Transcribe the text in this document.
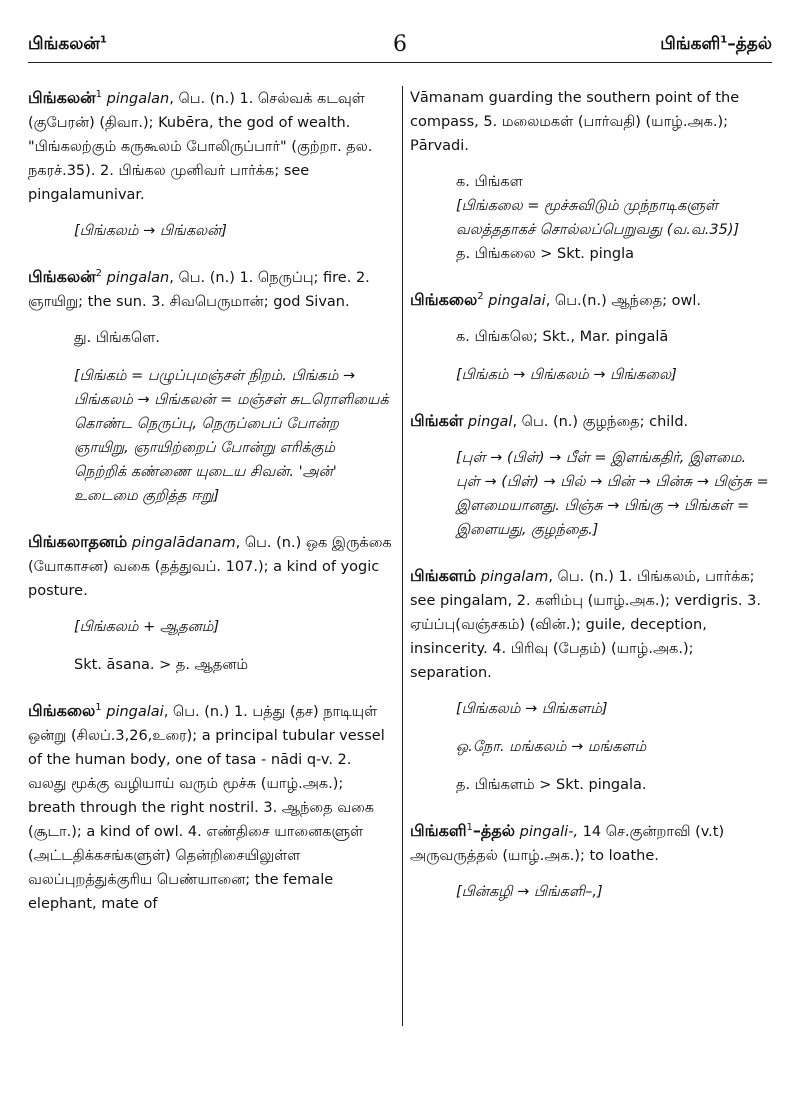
பிங்கலன்$^1$	6	பிங்களி$^1$–த்தல்

பிங்கலன்$^1$ pingalan, பெ. (n.) 1. செல்வக் கடவுள் (குபேரன்) (திவா.); Kubēra, the god of wealth. "பிங்கலற்கும் கருகூலம் போலிருப்பார்" (குற்றா. தல. நகரச்.35). 2. பிங்கல முனிவர் பார்க்க; see pingalamunivar.

[பிங்கலம் → பிங்கலன்]

பிங்கலன்$^2$ pingalan, பெ. (n.) 1. நெருப்பு; fire. 2. ஞாயிறு; the sun. 3. சிவபெருமான்; god Sivan.

து. பிங்களெ.

[பிங்கம் = பழுப்புமஞ்சள் நிறம். பிங்கம் → பிங்கலம் → பிங்கலன் = மஞ்சள் சுடரொளியைக் கொண்ட நெருப்பு, நெருப்பைப் போன்ற ஞாயிறு, ஞாயிற்றைப் போன்று எரிக்கும் நெற்றிக் கண்ணை யுடைய சிவன். 'அன்' உடைமை குறித்த ஈறு]

பிங்கலாதனம் pingalādanam, பெ. (n.) ஒக இருக்கை (யோகாசன) வகை (தத்துவப். 107.); a kind of yogic posture.

[பிங்கலம் + ஆதனம்]

Skt. āsana. > த. ஆதனம்

பிங்கலை$^1$ pingalai, பெ. (n.) 1. பத்து (தச) நாடியுள் ஒன்று (சிலப்.3,26,உரை); a principal tubular vessel of the human body, one of tasa - nādi q-v. 2. வலது மூக்கு வழியாய் வரும் மூச்சு (யாழ்.அக.); breath through the right nostril. 3. ஆந்தை வகை (சூடா.); a kind of owl. 4. எண்திசை யானைகளுள் (அட்டதிக்கசங்களுள்) தென்றிசையிலுள்ள வலப்புறத்துக்குரிய பெண்யானை; the female elephant, mate of

Vāmanam guarding the southern point of the compass, 5. மலைமகள் (பார்வதி) (யாழ்.அக.); Pārvadi.

க. பிங்கள

[பிங்கலை = மூச்சுவிடும் முந்நாடிகளுள் வலத்ததாகச் சொல்லப்பெறுவது (வ.வ.35)]

த. பிங்கலை > Skt. pingla

பிங்கலை$^2$ pingalai, பெ.(n.) ஆந்தை; owl.

க. பிங்கலெ; Skt., Mar. pingalā

[பிங்கம் → பிங்கலம் → பிங்கலை]

பிங்கள் pingal, பெ. (n.) குழந்தை; child.

[புள் → (பிள்) → பீள் = இளங்கதிர், இளமை. புள் → (பிள்) → பில் → பின் → பின்சு → பிஞ்சு = இளமையானது. பிஞ்சு → பிங்கு → பிங்கள் = இளையது, குழந்தை.]

பிங்களம் pingalam, பெ. (n.) 1. பிங்கலம், பார்க்க; see pingalam, 2. களிம்பு (யாழ்.அக.); verdigris. 3. ஏய்ப்பு(வஞ்சகம்) (வின்.); guile, deception, insincerity. 4. பிரிவு (பேதம்) (யாழ்.அக.); separation.

[பிங்கலம் → பிங்களம்]

ஒ.நோ. மங்கலம் → மங்களம்

த. பிங்களம் > Skt. pingala.

பிங்களி$^1$–த்தல் pingali-, 14 செ.குன்றாவி (v.t) அருவருத்தல் (யாழ்.அக.); to loathe.

[பின்கழி → பிங்களி–,]
